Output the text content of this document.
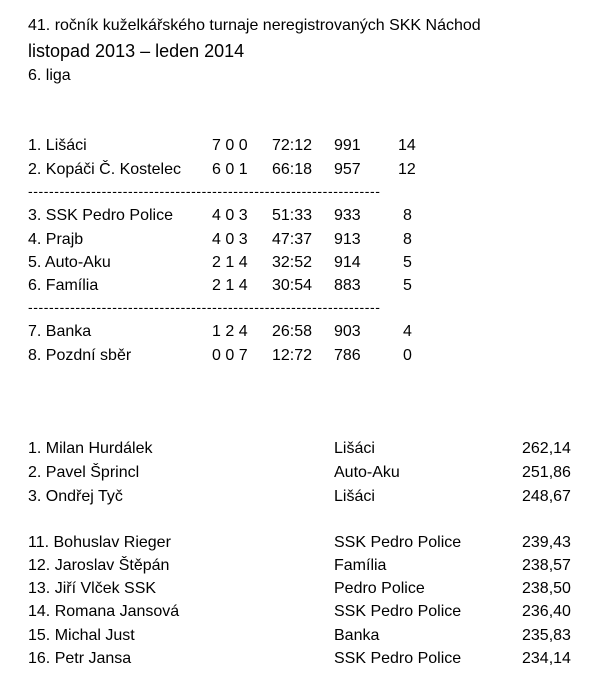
41. ročník kuželkářského turnaje neregistrovaných SKK Náchod
listopad 2013 – leden 2014
6. liga
1. Lišáci	7 0 0 72:12 991 14
2. Kopáči Č. Kostelec 6 0 1 66:18 957 12
-------------------------------------------------------------------
3. SSK Pedro Police 4 0 3 51:33 933	8
4. Prajb	4 0 3 47:37 913	8
5. Auto-Aku	2 1 4 32:52 914	5
6. Família	2 1 4 30:54 883	5
-------------------------------------------------------------------
7. Banka	1 2 4 26:58 903	4
8. Pozdní sběr	0 0 7 12:72 786	0
1. Milan Hurdálek	Lišáci	262,14
2. Pavel Šprincl	Auto-Aku	251,86
3. Ondřej Tyč	Lišáci	248,67
11. Bohuslav Rieger	SSK Pedro Police	239,43
12. Jaroslav Štěpán	Família	238,57
13. Jiří Vlček SSK	Pedro Police	238,50
14. Romana Jansová	SSK Pedro Police	236,40
15. Michal Just	Banka	235,83
16. Petr Jansa	SSK Pedro Police	234,14
